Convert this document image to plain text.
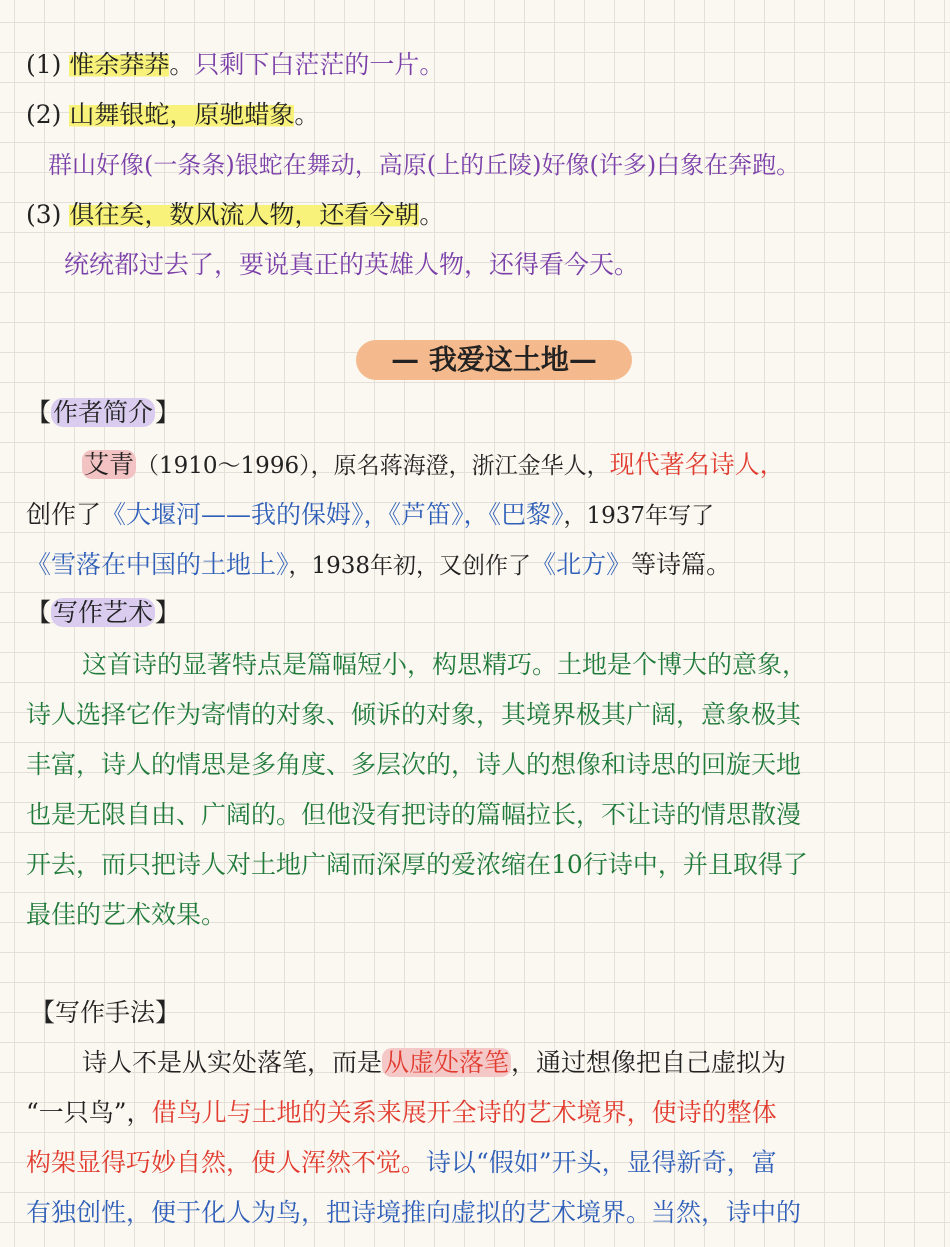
(1) 惟余莽莽。只剩下白茫茫的一片。
(2) 山舞银蛇，原驰蜡象。
群山好像(一条条)银蛇在舞动，高原(上的丘陵)好像(许多)白象在奔跑。
(3) 俱往矣，数风流人物，还看今朝。
统统都过去了，要说真正的英雄人物，还得看今天。
— 我爱这土地—
【作者简介】
艾青（1910～1996），原名蒋海澄，浙江金华人，现代著名诗人，
创作了《大堰河——我的保姆》，《芦笛》，《巴黎》，1937年写了
《雪落在中国的土地上》，1938年初，又创作了《北方》等诗篇。
【写作艺术】
这首诗的显著特点是篇幅短小，构思精巧。土地是个博大的意象，
诗人选择它作为寄情的对象、倾诉的对象，其境界极其广阔，意象极其
丰富，诗人的情思是多角度、多层次的，诗人的想像和诗思的回旋天地
也是无限自由、广阔的。但他没有把诗的篇幅拉长，不让诗的情思散漫
开去，而只把诗人对土地广阔而深厚的爱浓缩在10行诗中，并且取得了
最佳的艺术效果。
【写作手法】
诗人不是从实处落笔，而是从虚处落笔，通过想像把自己虚拟为
“一只鸟”，借鸟儿与土地的关系来展开全诗的艺术境界，使诗的整体
构架显得巧妙自然，使人浑然不觉。诗以“假如”开头，显得新奇，富
有独创性，便于化人为鸟，把诗境推向虚拟的艺术境界。当然，诗中的
